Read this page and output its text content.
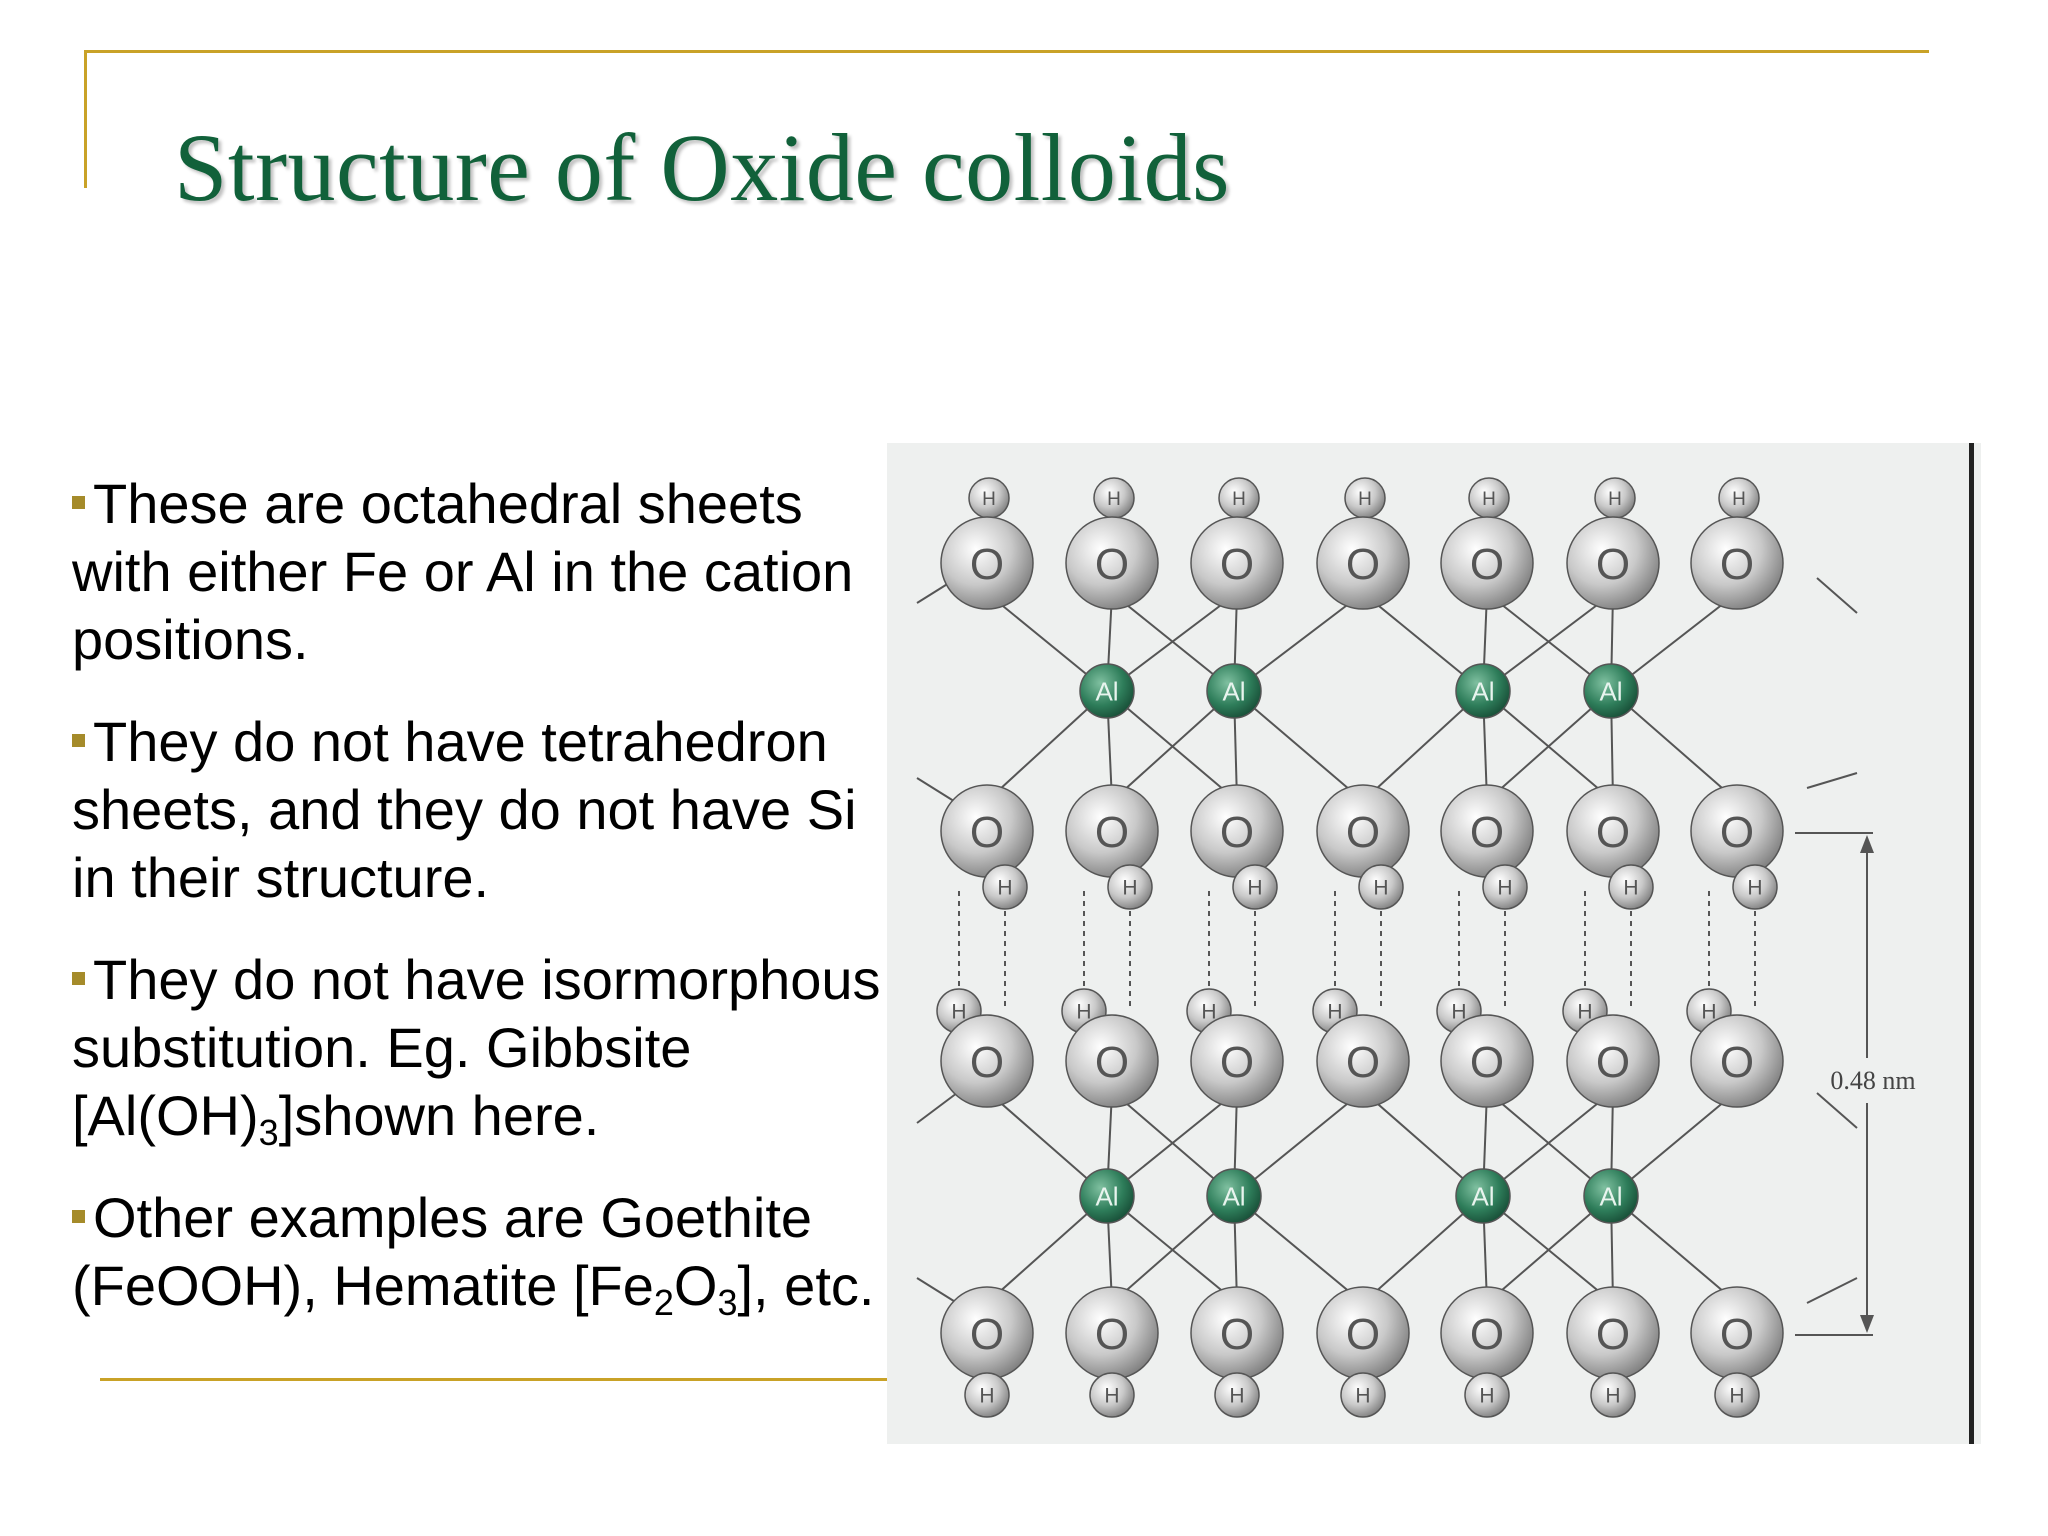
Structure of Oxide colloids
These are octahedral sheets with either Fe or Al in the cation positions.
They do not have tetrahedron sheets, and they do not have Si in their structure.
They do not have isormorphous substitution. Eg. Gibbsite $[Al(OH)_3]shown$ here.
Other examples are Goethite (FeOOH), Hematite $[Fe_2O_3]$, etc.
H
O
H
O
H
O
H
O
H
O
H
O
H
O
Al	Al	Al	Al
O
H
O
H
O
H
O
H
O
H
O
H
O
H
H
O
H
O
H
O
H
O
H
O
H
O
H
O
Al	Al	Al	Al
O
H
O
H
O
H
O
H
O
H
O
H
O
H
0.48 nm
